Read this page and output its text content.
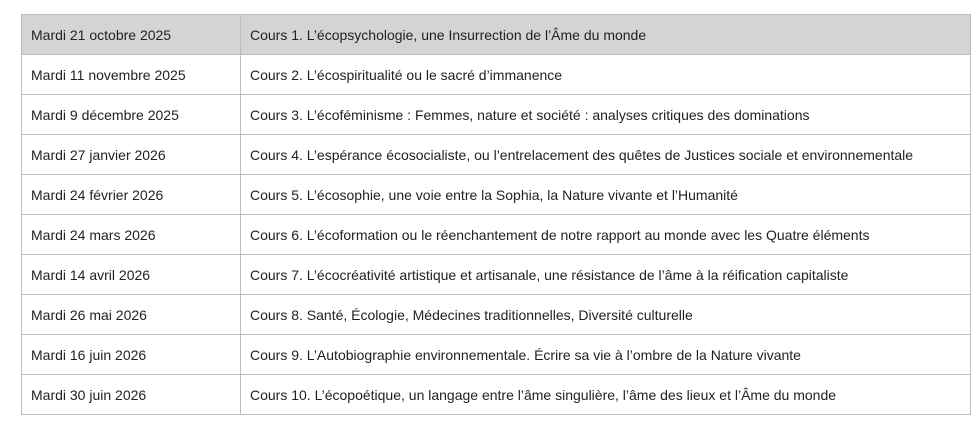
Mardi 21 octobre 2025	Cours 1. L’écopsychologie, une Insurrection de l’Âme du monde
Mardi 11 novembre 2025	Cours 2. L’écospiritualité ou le sacré d’immanence
Mardi 9 décembre 2025	Cours 3. L’écoféminisme : Femmes, nature et société : analyses critiques des dominations
Mardi 27 janvier 2026	Cours 4. L’espérance écosocialiste, ou l’entrelacement des quêtes de Justices sociale et environnementale
Mardi 24 février 2026	Cours 5. L’écosophie, une voie entre la Sophia, la Nature vivante et l’Humanité
Mardi 24 mars 2026	Cours 6. L’écoformation ou le réenchantement de notre rapport au monde avec les Quatre éléments
Mardi 14 avril 2026	Cours 7. L’écocréativité artistique et artisanale, une résistance de l’âme à la réification capitaliste
Mardi 26 mai 2026	Cours 8. Santé, Écologie, Médecines traditionnelles, Diversité culturelle
Mardi 16 juin 2026	Cours 9. L’Autobiographie environnementale. Écrire sa vie à l’ombre de la Nature vivante
Mardi 30 juin 2026	Cours 10. L’écopoétique, un langage entre l’âme singulière, l’âme des lieux et l’Âme du monde
